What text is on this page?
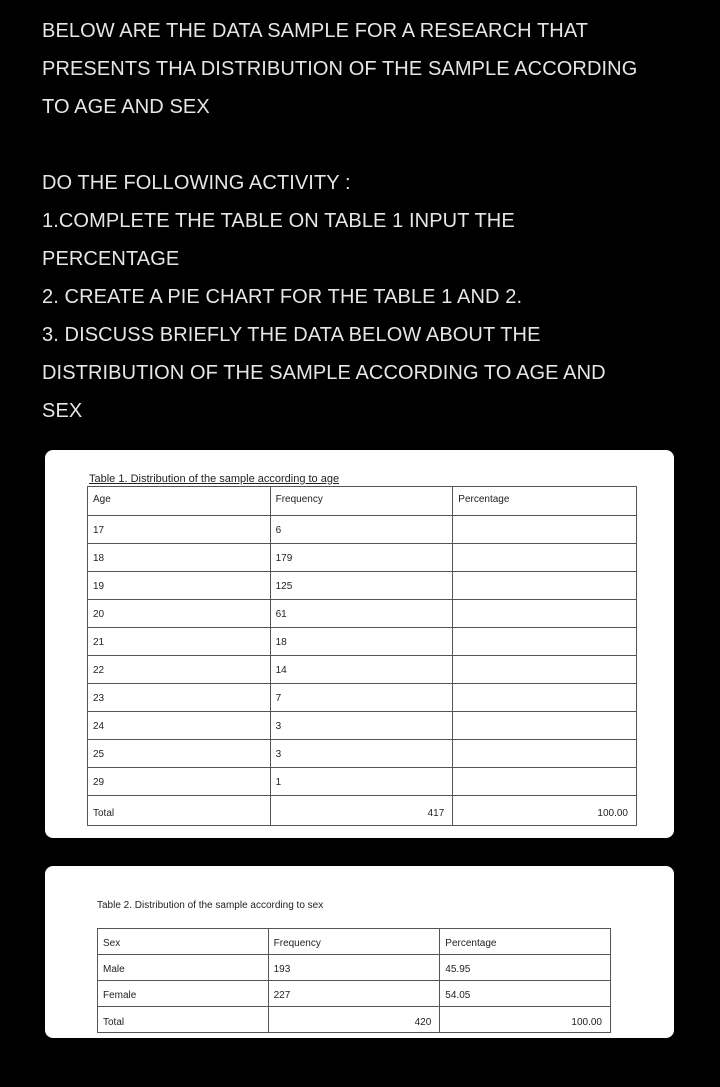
BELOW ARE THE DATA SAMPLE FOR A RESEARCH THAT
PRESENTS THA DISTRIBUTION OF THE SAMPLE ACCORDING
TO AGE AND SEX
DO THE FOLLOWING ACTIVITY :
1.COMPLETE THE TABLE ON TABLE 1 INPUT THE
PERCENTAGE
2. CREATE A PIE CHART FOR THE TABLE 1 AND 2.
3. DISCUSS BRIEFLY THE DATA BELOW ABOUT THE
DISTRIBUTION OF THE SAMPLE ACCORDING TO AGE AND
SEX
Table 1. Distribution of the sample according to age
Age	Frequency	Percentage
17	6	
18	179	
19	125	
20	61	
21	18	
22	14	
23	7	
24	3	
25	3	
29	1	
Total	417	100.00
Table 2. Distribution of the sample according to sex
Sex	Frequency	Percentage
Male	193	45.95
Female	227	54.05
Total	420	100.00
